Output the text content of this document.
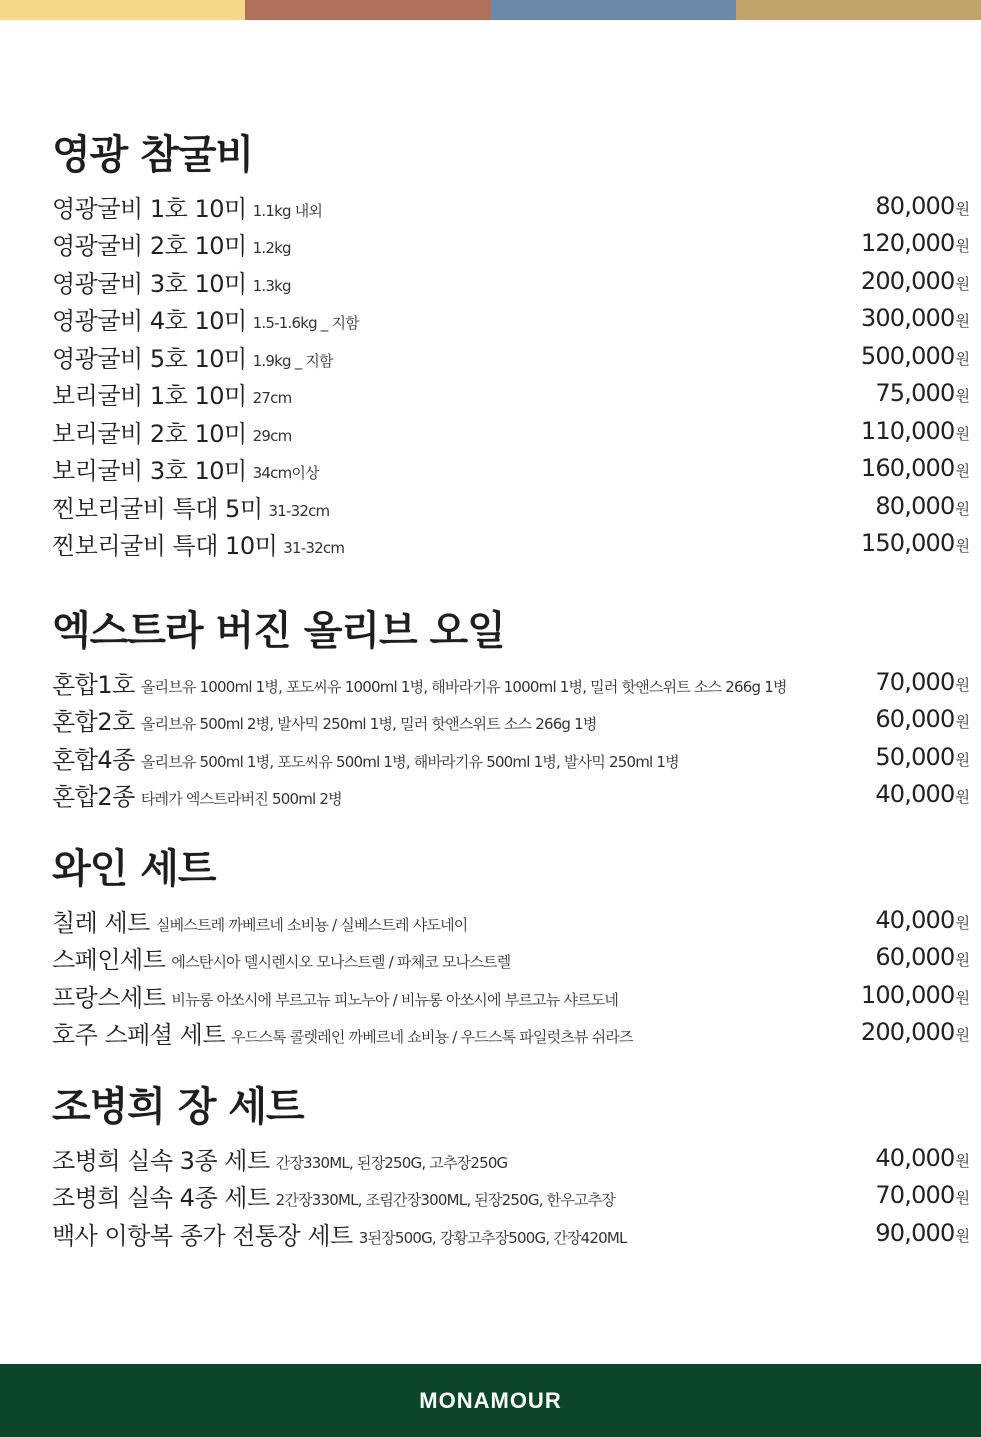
영광 참굴비
영광굴비 1호 10미 1.1kg 내외	80,000원
영광굴비 2호 10미 1.2kg	120,000원
영광굴비 3호 10미 1.3kg	200,000원
영광굴비 4호 10미 1.5-1.6kg _ 지함	300,000원
영광굴비 5호 10미 1.9kg _ 지함	500,000원
보리굴비 1호 10미 27cm	75,000원
보리굴비 2호 10미 29cm	110,000원
보리굴비 3호 10미 34cm이상	160,000원
찐보리굴비 특대 5미 31-32cm	80,000원
찐보리굴비 특대 10미 31-32cm	150,000원
엑스트라 버진 올리브 오일
혼합1호 올리브유 1000ml 1병, 포도씨유 1000ml 1병, 해바라기유 1000ml 1병, 밀러 핫앤스위트 소스 266g 1병	70,000원
혼합2호 올리브유 500ml 2병, 발사믹 250ml 1병, 밀러 핫앤스위트 소스 266g 1병	60,000원
혼합4종 올리브유 500ml 1병, 포도씨유 500ml 1병, 해바라기유 500ml 1병, 발사믹 250ml 1병	50,000원
혼합2종 타레가 엑스트라버진 500ml 2병	40,000원
와인 세트
칠레 세트 실베스트레 까베르네 소비뇽 / 실베스트레 샤도네이	40,000원
스페인세트 에스탄시아 델시렌시오 모나스트렐 / 파체코 모나스트렐	60,000원
프랑스세트 비뉴롱 아쏘시에 부르고뉴 피노누아 / 비뉴롱 아쏘시에 부르고뉴 샤르도네	100,000원
호주 스페셜 세트 우드스톡 콜렛레인 까베르네 쇼비뇽 / 우드스톡 파일럿츠뷰 쉬라즈	200,000원
조병희 장 세트
조병희 실속 3종 세트 간장330ML, 된장250G, 고추장250G	40,000원
조병희 실속 4종 세트 2간장330ML, 조림간장300ML, 된장250G, 한우고추장	70,000원
백사 이항복 종가 전통장 세트 3된장500G, 강황고추장500G, 간장420ML	90,000원
MONAMOUR
